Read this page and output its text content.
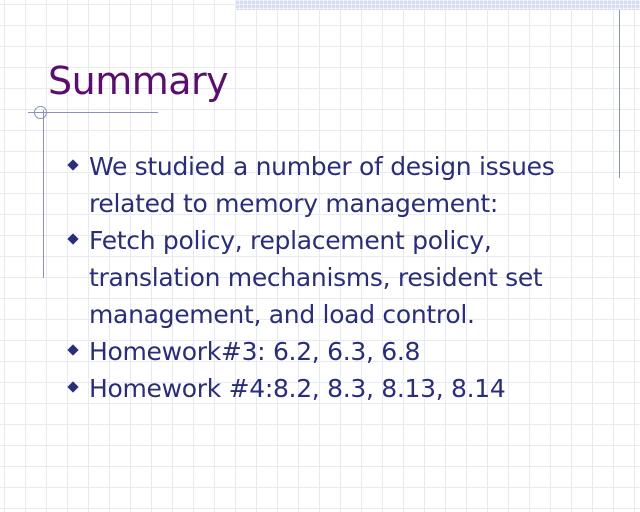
Summary
We studied a number of design issues
related to memory management:
Fetch policy, replacement policy,
translation mechanisms, resident set
management, and load control.
Homework#3: 6.2, 6.3, 6.8
Homework #4:8.2, 8.3, 8.13, 8.14
